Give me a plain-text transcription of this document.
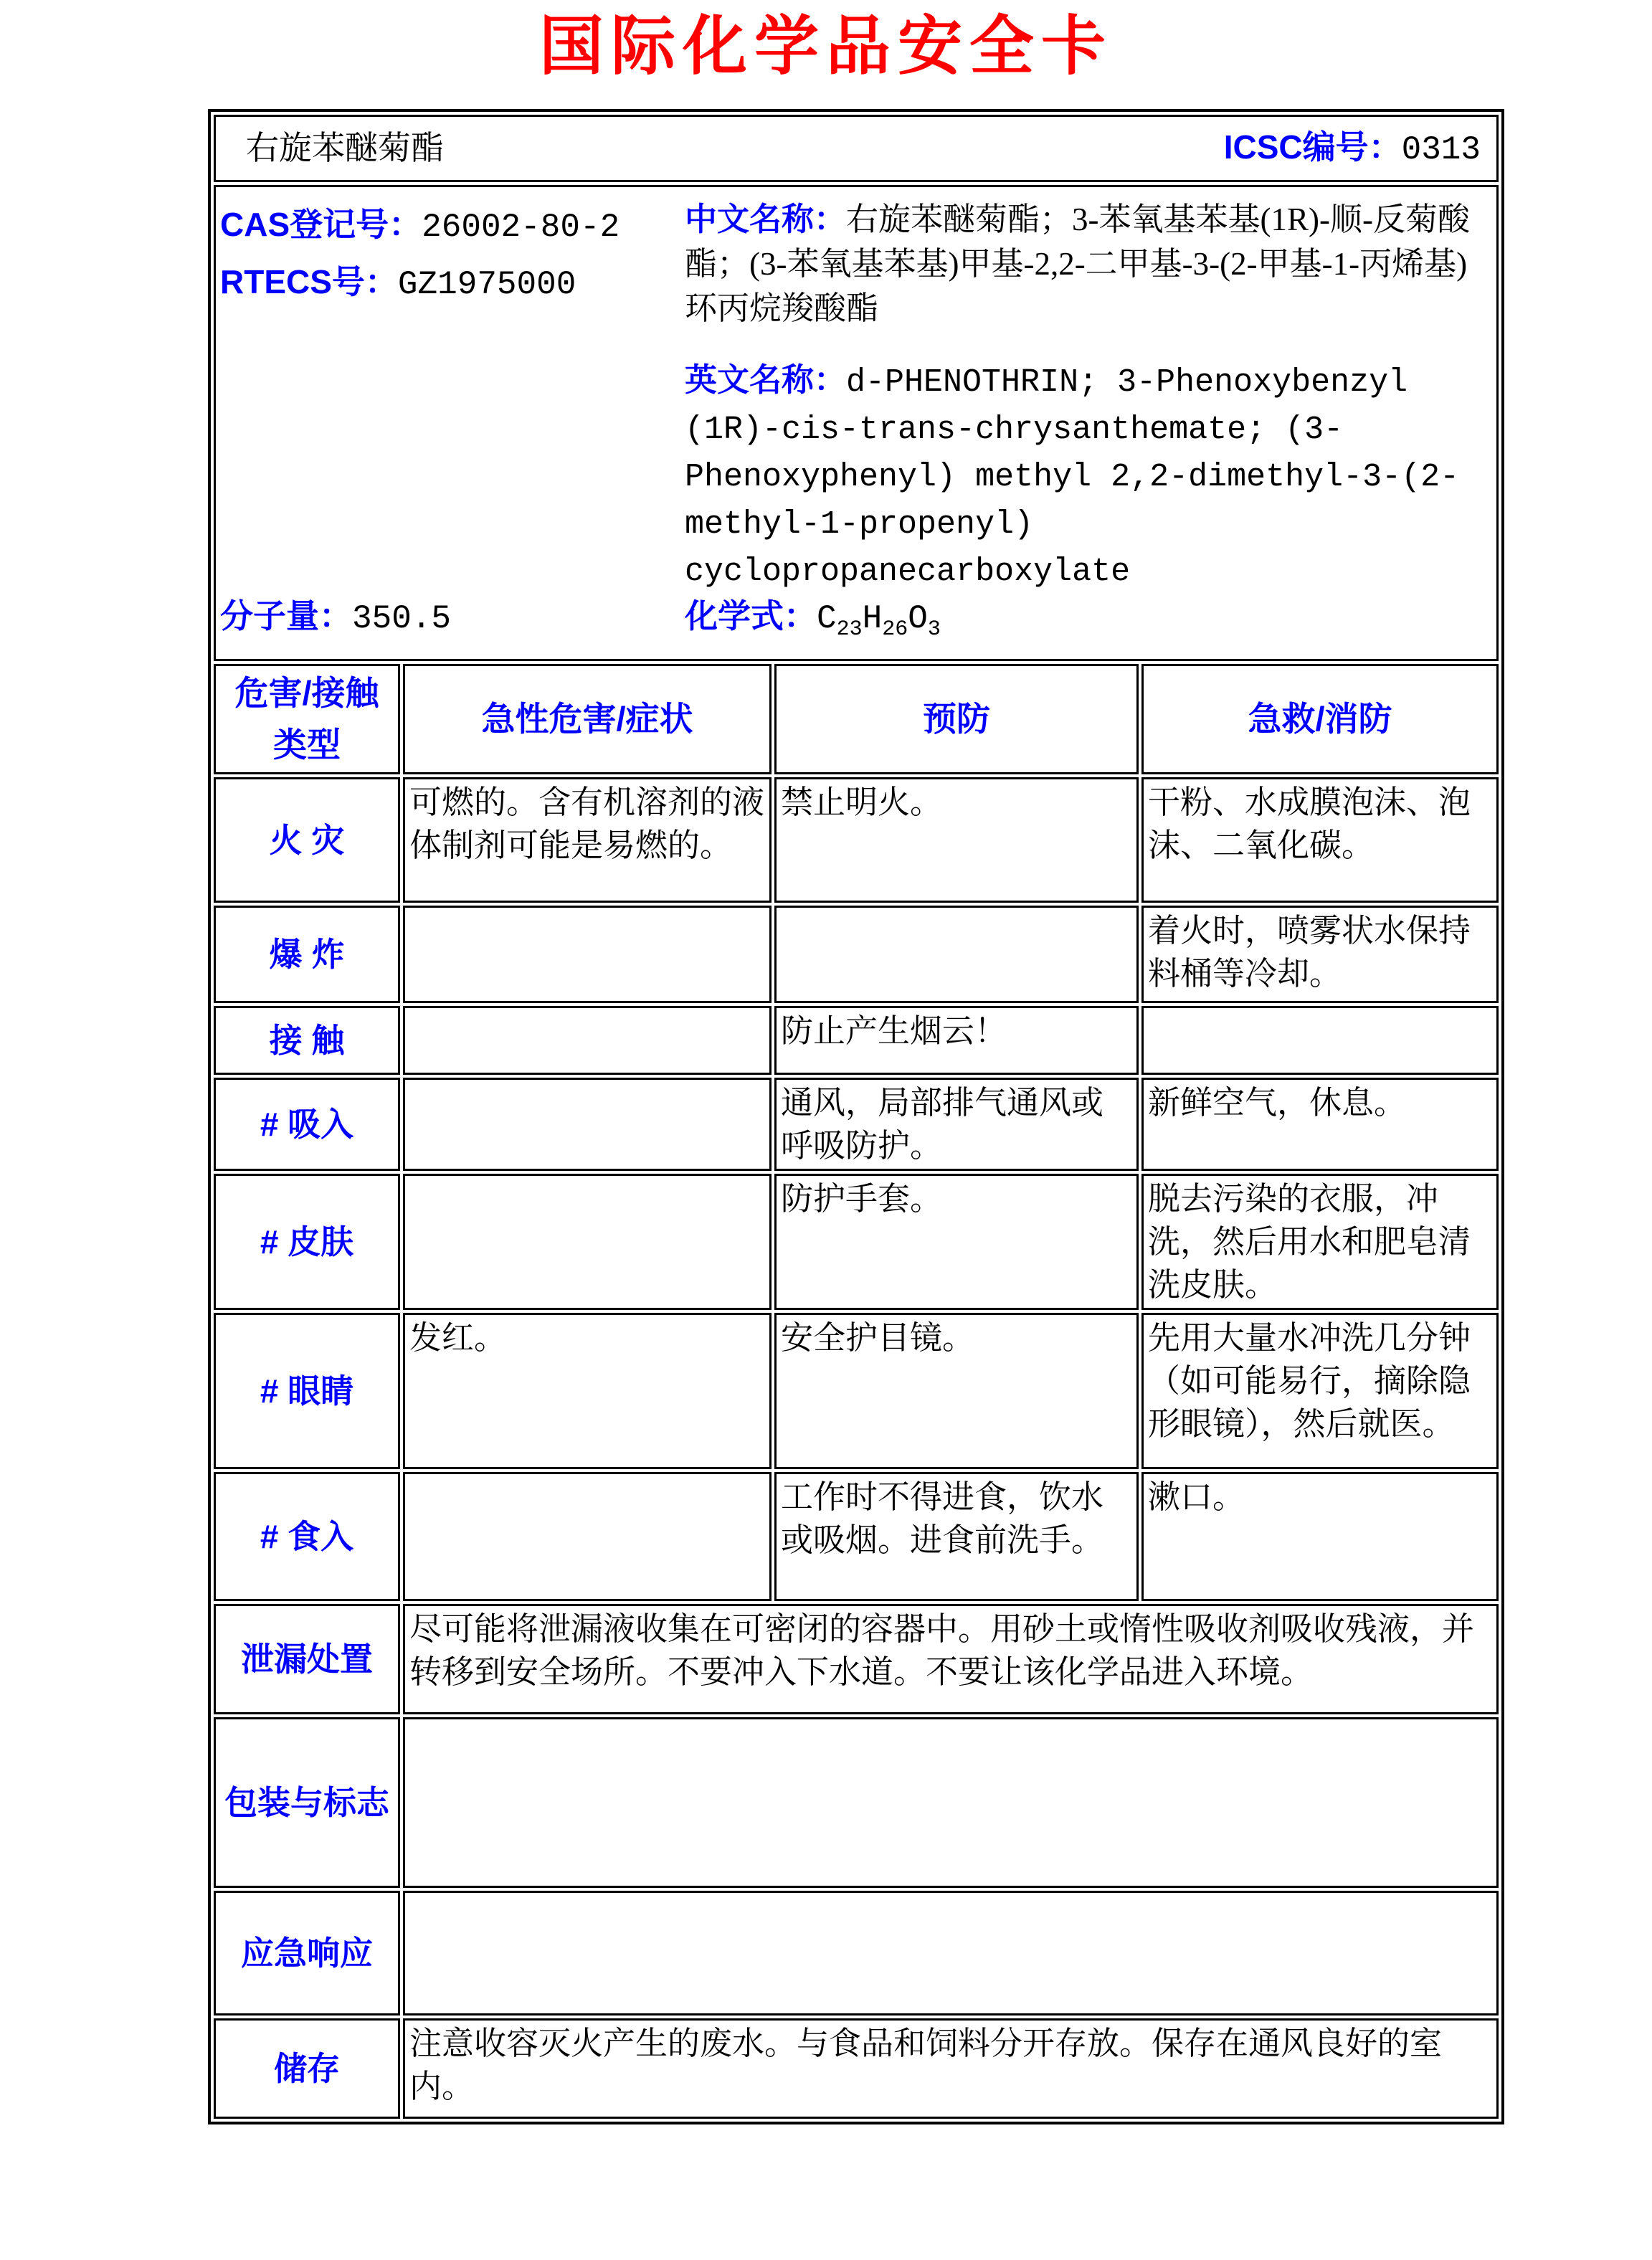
国际化学品安全卡
右旋苯醚菊酯 ICSC编号：0313			

CAS登记号：26002-80-2
RTECS号：GZ1975000

中文名称：右旋苯醚菊酯；3-苯氧基苯基(1R)-顺-反菊酸酯；(3-苯氧基苯基)甲基-2,2-二甲基-3-(2-甲基-1-丙烯基)环丙烷羧酸酯

英文名称：d-PHENOTHRIN; 3-Phenoxybenzyl (1R)-cis-trans-chrysanthemate; (3-Phenoxyphenyl) methyl 2,2-dimethyl-3-(2-methyl-1-propenyl) cyclopropanecarboxylate

分子量：350.5	化学式：$C_{23}H_{26}O_3$

危害/接触类型	急性危害/症状	预防	急救/消防
火 灾	可燃的。含有机溶剂的液体制剂可能是易燃的。	禁止明火。	干粉、水成膜泡沫、泡沫、二氧化碳。
爆 炸			着火时，喷雾状水保持料桶等冷却。
接 触		防止产生烟云！	
# 吸入		通风，局部排气通风或呼吸防护。	新鲜空气，休息。
# 皮肤		防护手套。	脱去污染的衣服，冲洗，然后用水和肥皂清洗皮肤。
# 眼睛	发红。	安全护目镜。	先用大量水冲洗几分钟（如可能易行，摘除隐形眼镜），然后就医。
# 食入		工作时不得进食，饮水或吸烟。进食前洗手。	漱口。
泄漏处置	尽可能将泄漏液收集在可密闭的容器中。用砂土或惰性吸收剂吸收残液，并转移到安全场所。不要冲入下水道。不要让该化学品进入环境。		
包装与标志			
应急响应			
储存	注意收容灭火产生的废水。与食品和饲料分开存放。保存在通风良好的室内。		
